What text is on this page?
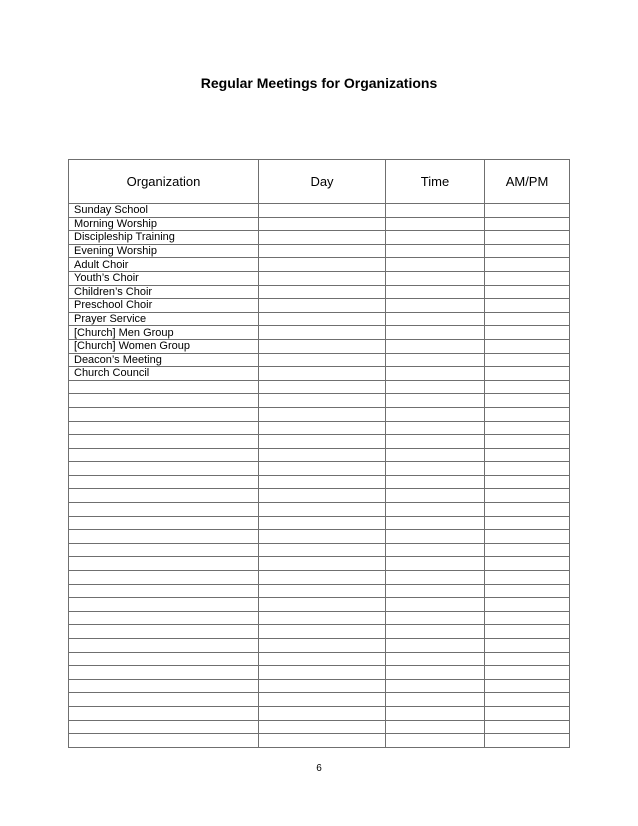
Regular Meetings for Organizations
Organization	Day	Time	AM/PM
Sunday School			
Morning Worship			
Discipleship Training			
Evening Worship			
Adult Choir			
Youth’s Choir			
Children’s Choir			
Preschool Choir			
Prayer Service			
[Church] Men Group			
[Church] Women Group			
Deacon’s Meeting			
Church Council			

6
